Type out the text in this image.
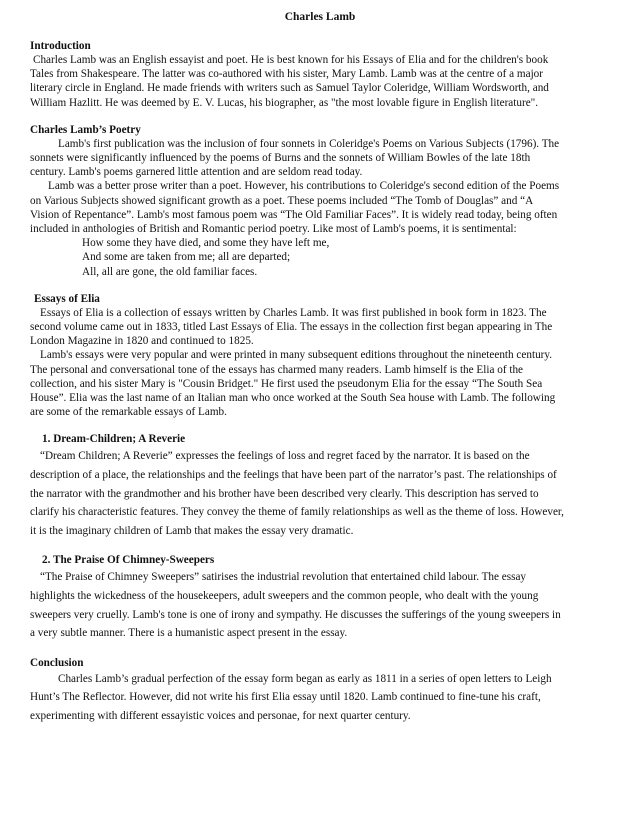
Charles Lamb
Introduction

Charles Lamb was an English essayist and poet. He is best known for his Essays of Elia and for the children's book

Tales from Shakespeare. The latter was co-authored with his sister, Mary Lamb. Lamb was at the centre of a major

literary circle in England. He made friends with writers such as Samuel Taylor Coleridge, William Wordsworth, and

William Hazlitt. He was deemed by E. V. Lucas, his biographer, as "the most lovable figure in English literature".

Charles Lamb’s Poetry

Lamb's first publication was the inclusion of four sonnets in Coleridge's Poems on Various Subjects (1796). The

sonnets were significantly influenced by the poems of Burns and the sonnets of William Bowles of the late 18th

century. Lamb's poems garnered little attention and are seldom read today.

Lamb was a better prose writer than a poet. However, his contributions to Coleridge's second edition of the Poems

on Various Subjects showed significant growth as a poet. These poems included “The Tomb of Douglas” and “A

Vision of Repentance”. Lamb's most famous poem was “The Old Familiar Faces”. It is widely read today, being often

included in anthologies of British and Romantic period poetry. Like most of Lamb's poems, it is sentimental:

How some they have died, and some they have left me,
And some are taken from me; all are departed;
All, all are gone, the old familiar faces.
Essays of Elia

Essays of Elia is a collection of essays written by Charles Lamb. It was first published in book form in 1823. The

second volume came out in 1833, titled Last Essays of Elia. The essays in the collection first began appearing in The

London Magazine in 1820 and continued to 1825.

Lamb's essays were very popular and were printed in many subsequent editions throughout the nineteenth century.

The personal and conversational tone of the essays has charmed many readers. Lamb himself is the Elia of the

collection, and his sister Mary is "Cousin Bridget." He first used the pseudonym Elia for the essay “The South Sea

House”. Elia was the last name of an Italian man who once worked at the South Sea house with Lamb. The following

are some of the remarkable essays of Lamb.

1. Dream-Children; A Reverie

“Dream Children; A Reverie” expresses the feelings of loss and regret faced by the narrator. It is based on the

description of a place, the relationships and the feelings that have been part of the narrator’s past. The relationships of

the narrator with the grandmother and his brother have been described very clearly. This description has served to

clarify his characteristic features. They convey the theme of family relationships as well as the theme of loss. However,

it is the imaginary children of Lamb that makes the essay very dramatic.

2. The Praise Of Chimney-Sweepers

“The Praise of Chimney Sweepers” satirises the industrial revolution that entertained child labour. The essay

highlights the wickedness of the housekeepers, adult sweepers and the common people, who dealt with the young

sweepers very cruelly. Lamb's tone is one of irony and sympathy. He discusses the sufferings of the young sweepers in

a very subtle manner. There is a humanistic aspect present in the essay.

Conclusion

Charles Lamb’s gradual perfection of the essay form began as early as 1811 in a series of open letters to Leigh

Hunt’s The Reflector. However, did not write his first Elia essay until 1820. Lamb continued to fine-tune his craft,

experimenting with different essayistic voices and personae, for next quarter century.
